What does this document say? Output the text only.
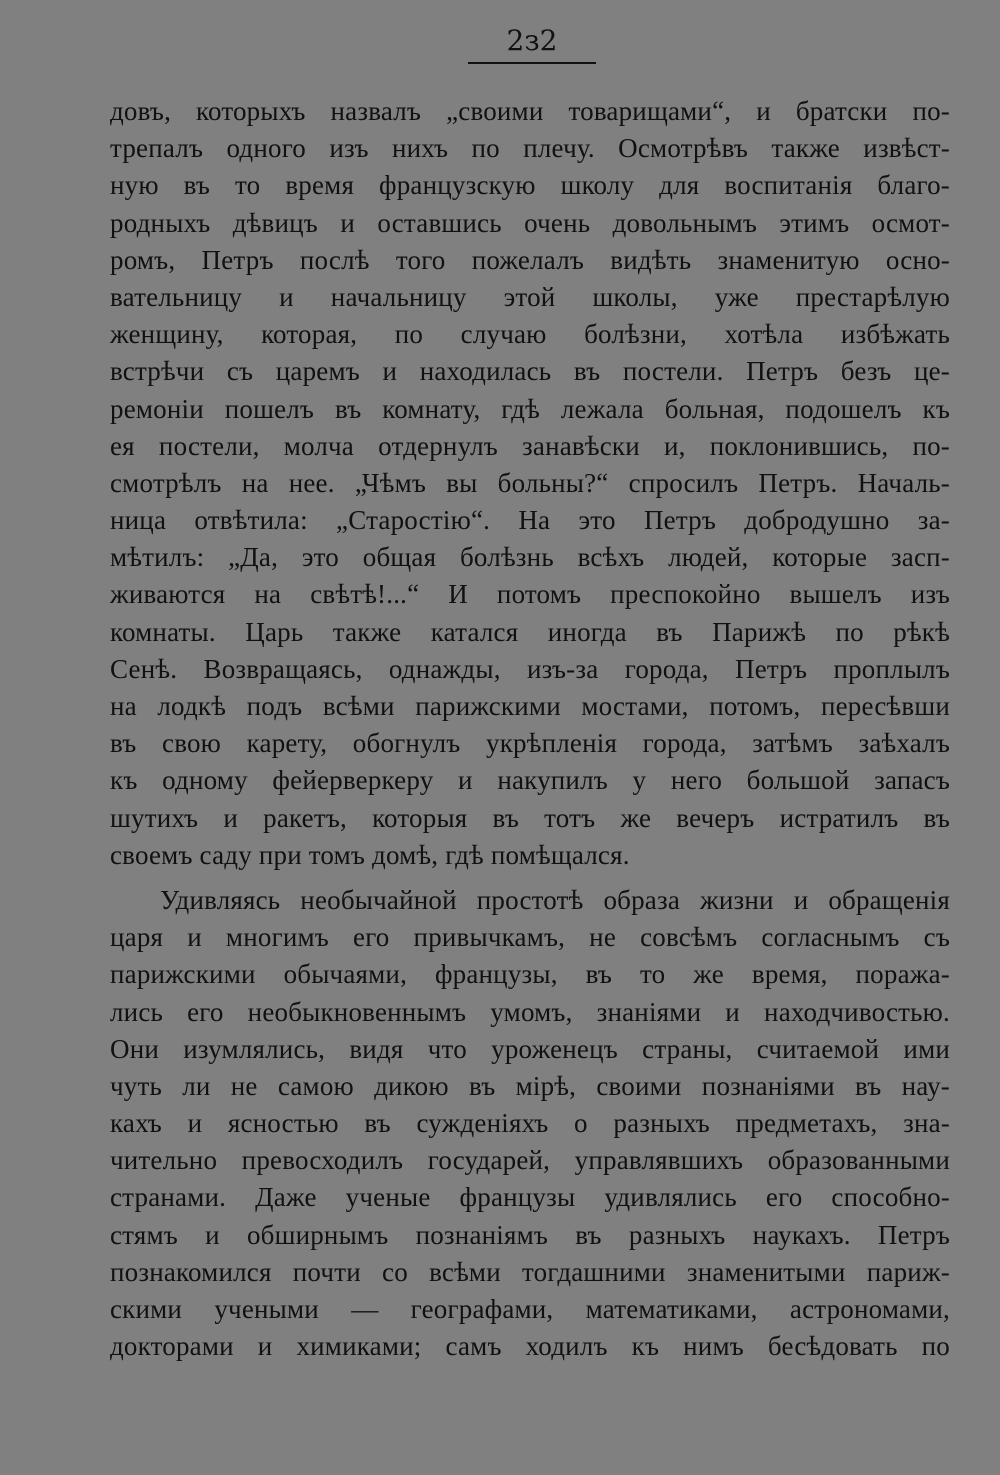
2з2
довъ, которыхъ назвалъ „своими товарищами“, и братски по-
трепалъ одного изъ нихъ по плечу. Осмотрѣвъ также извѣст-
ную въ то время французскую школу для воспитанія благо-
родныхъ дѣвицъ и оставшись очень довольнымъ этимъ осмот-
ромъ, Петръ послѣ того пожелалъ видѣть знаменитую осно-
вательницу и начальницу этой школы, уже престарѣлую
женщину, которая, по случаю болѣзни, хотѣла избѣжать
встрѣчи съ царемъ и находилась въ постели. Петръ безъ це-
ремоніи пошелъ въ комнату, гдѣ лежала больная, подошелъ къ
ея постели, молча отдернулъ занавѣски и, поклонившись, по-
смотрѣлъ на нее. „Чѣмъ вы больны?“ спросилъ Петръ. Началь-
ница отвѣтила: „Старостію“. На это Петръ добродушно за-
мѣтилъ: „Да, это общая болѣзнь всѣхъ людей, которые засп-
живаются на свѣтѣ!...“ И потомъ преспокойно вышелъ изъ
комнаты. Царь также катался иногда въ Парижѣ по рѣкѣ
Сенѣ. Возвращаясь, однажды, изъ-за города, Петръ проплылъ
на лодкѣ подъ всѣми парижскими мостами, потомъ, пересѣвши
въ свою карету, обогнулъ укрѣпленія города, затѣмъ заѣхалъ
къ одному фейерверкеру и накупилъ у него большой запасъ
шутихъ и ракетъ, которыя въ тотъ же вечеръ истратилъ въ
своемъ саду при томъ домѣ, гдѣ помѣщался.
Удивляясь необычайной простотѣ образа жизни и обращенія
царя и многимъ его привычкамъ, не совсѣмъ согласнымъ съ
парижскими обычаями, французы, въ то же время, поража-
лись его необыкновеннымъ умомъ, знаніями и находчивостью.
Они изумлялись, видя что уроженецъ страны, считаемой ими
чуть ли не самою дикою въ мірѣ, своими познаніями въ нау-
кахъ и ясностью въ сужденіяхъ о разныхъ предметахъ, зна-
чительно превосходилъ государей, управлявшихъ образованными
странами. Даже ученые французы удивлялись его способно-
стямъ и обширнымъ познаніямъ въ разныхъ наукахъ. Петръ
познакомился почти со всѣми тогдашними знаменитыми париж-
скими учеными — географами, математиками, астрономами,
докторами и химиками; самъ ходилъ къ нимъ бесѣдовать по
